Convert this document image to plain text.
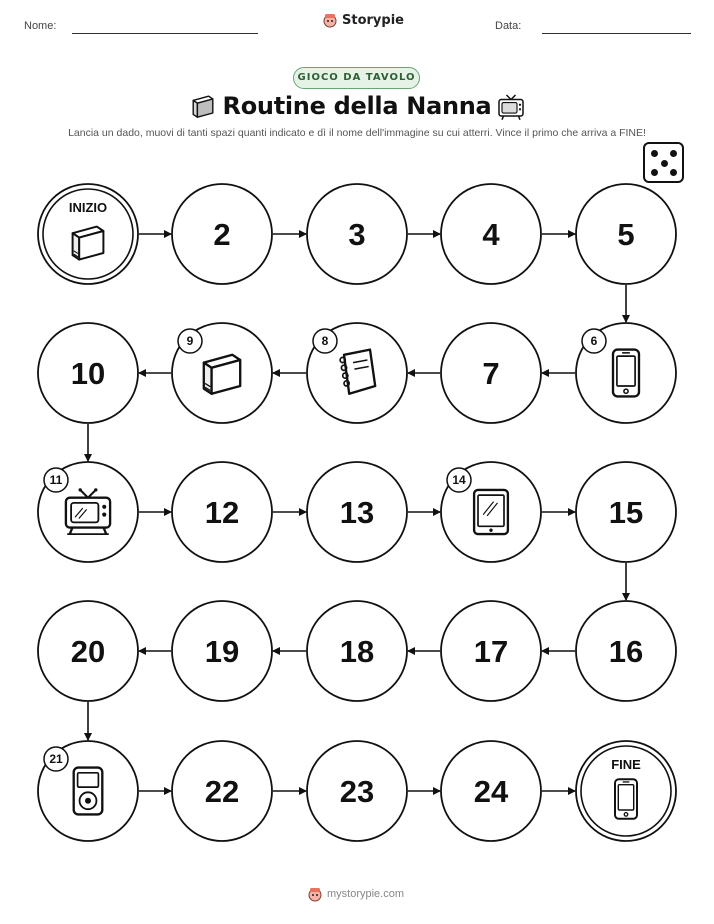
Nome:	Storypie	Data:
GIOCO DA TAVOLO
Routine della Nanna
Lancia un dado, muovi di tanti spazi quanti indicato e dì il nome dell'immagine su cui atterri. Vince il primo che arriva a FINE!
INIZIO
2	3	4	5
6
7
8
9
10
11
12	13
14
15
16
17
18
19
20
21
22	23	24
FINE
mystorypie.com
